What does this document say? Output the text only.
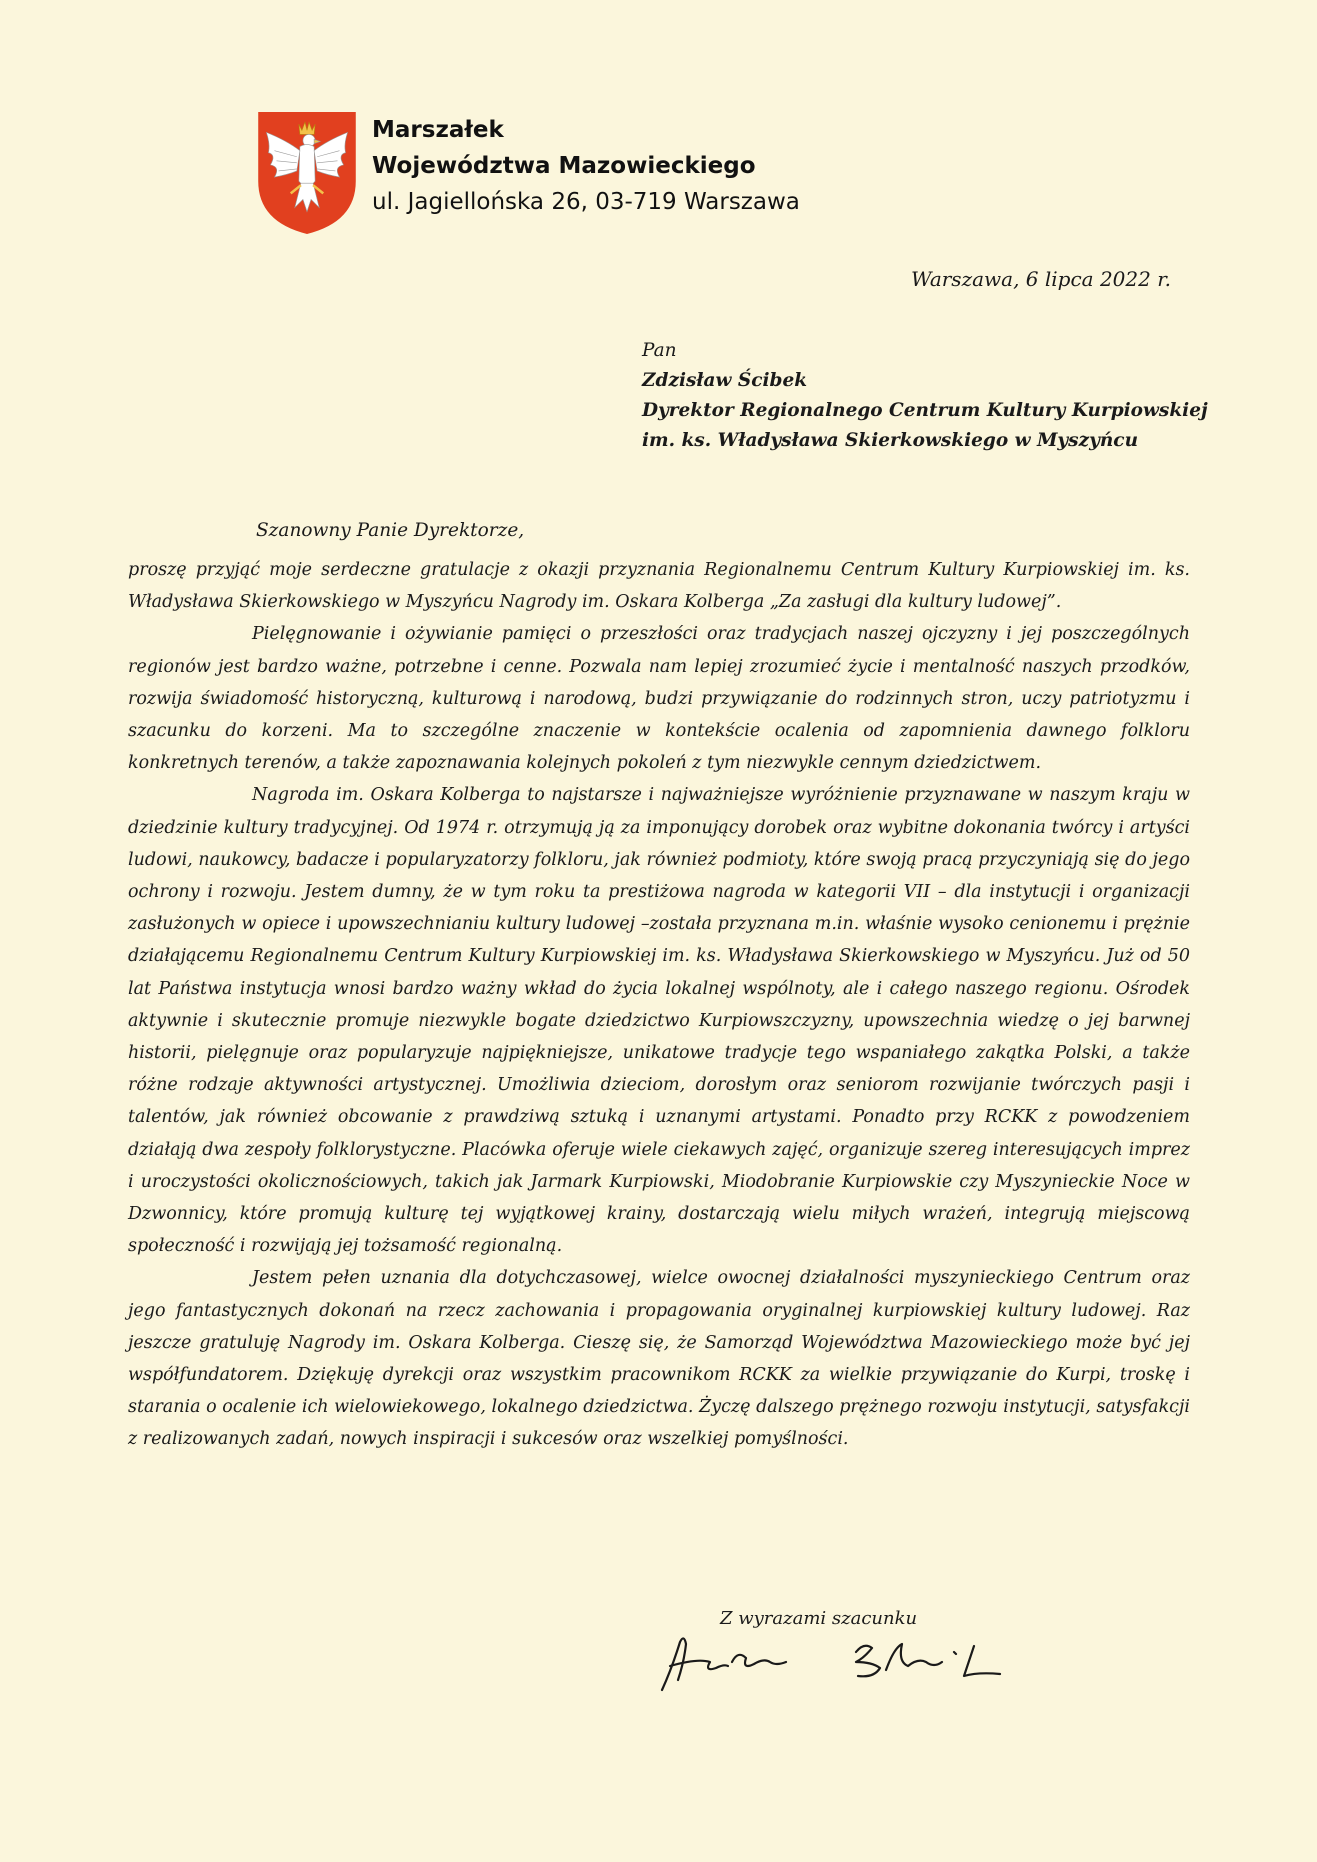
Marszałek
Województwa Mazowieckiego
ul. Jagiellońska 26, 03-719 Warszawa
Warszawa, 6 lipca 2022 r.
Pan
Zdzisław Ścibek
Dyrektor Regionalnego Centrum Kultury Kurpiowskiej
im. ks. Władysława Skierkowskiego w Myszyńcu
Szanowny Panie Dyrektorze,

proszę przyjąć moje serdeczne gratulacje z okazji przyznania Regionalnemu Centrum Kultury Kurpiowskiej im. ks. Władysława Skierkowskiego w Myszyńcu Nagrody im. Oskara Kolberga „Za zasługi dla kultury ludowej”.

Pielęgnowanie i ożywianie pamięci o przeszłości oraz tradycjach naszej ojczyzny i jej poszczególnych regionów jest bardzo ważne, potrzebne i cenne. Pozwala nam lepiej zrozumieć życie i mentalność naszych przodków, rozwija świadomość historyczną, kulturową i narodową, budzi przywiązanie do rodzinnych stron, uczy patriotyzmu i szacunku do korzeni. Ma to szczególne znaczenie w kontekście ocalenia od zapomnienia dawnego folkloru konkretnych terenów, a także zapoznawania kolejnych pokoleń z tym niezwykle cennym dziedzictwem.

Nagroda im. Oskara Kolberga to najstarsze i najważniejsze wyróżnienie przyznawane w naszym kraju w dziedzinie kultury tradycyjnej. Od 1974 r. otrzymują ją za imponujący dorobek oraz wybitne dokonania twórcy i artyści ludowi, naukowcy, badacze i popularyzatorzy folkloru, jak również podmioty, które swoją pracą przyczyniają się do jego ochrony i rozwoju. Jestem dumny, że w tym roku ta prestiżowa nagroda w kategorii VII – dla instytucji i organizacji zasłużonych w opiece i upowszechnianiu kultury ludowej –została przyznana m.in. właśnie wysoko cenionemu i prężnie działającemu Regionalnemu Centrum Kultury Kurpiowskiej im. ks. Władysława Skierkowskiego w Myszyńcu. Już od 50 lat Państwa instytucja wnosi bardzo ważny wkład do życia lokalnej wspólnoty, ale i całego naszego regionu. Ośrodek aktywnie i skutecznie promuje niezwykle bogate dziedzictwo Kurpiowszczyzny, upowszechnia wiedzę o jej barwnej historii, pielęgnuje oraz popularyzuje najpiękniejsze, unikatowe tradycje tego wspaniałego zakątka Polski, a także różne rodzaje aktywności artystycznej. Umożliwia dzieciom, dorosłym oraz seniorom rozwijanie twórczych pasji i talentów, jak również obcowanie z prawdziwą sztuką i uznanymi artystami. Ponadto przy RCKK z powodzeniem działają dwa zespoły folklorystyczne. Placówka oferuje wiele ciekawych zajęć, organizuje szereg interesujących imprez i uroczystości okolicznościowych, takich jak Jarmark Kurpiowski, Miodobranie Kurpiowskie czy Myszynieckie Noce w Dzwonnicy, które promują kulturę tej wyjątkowej krainy, dostarczają wielu miłych wrażeń, integrują miejscową społeczność i rozwijają jej tożsamość regionalną.

Jestem pełen uznania dla dotychczasowej, wielce owocnej działalności myszynieckiego Centrum oraz jego fantastycznych dokonań na rzecz zachowania i propagowania oryginalnej kurpiowskiej kultury ludowej. Raz jeszcze gratuluję Nagrody im. Oskara Kolberga. Cieszę się, że Samorząd Województwa Mazowieckiego może być jej współfundatorem. Dziękuję dyrekcji oraz wszystkim pracownikom RCKK za wielkie przywiązanie do Kurpi, troskę i starania o ocalenie ich wielowiekowego, lokalnego dziedzictwa. Życzę dalszego prężnego rozwoju instytucji, satysfakcji z realizowanych zadań, nowych inspiracji i sukcesów oraz wszelkiej pomyślności.

Z wyrazami szacunku
